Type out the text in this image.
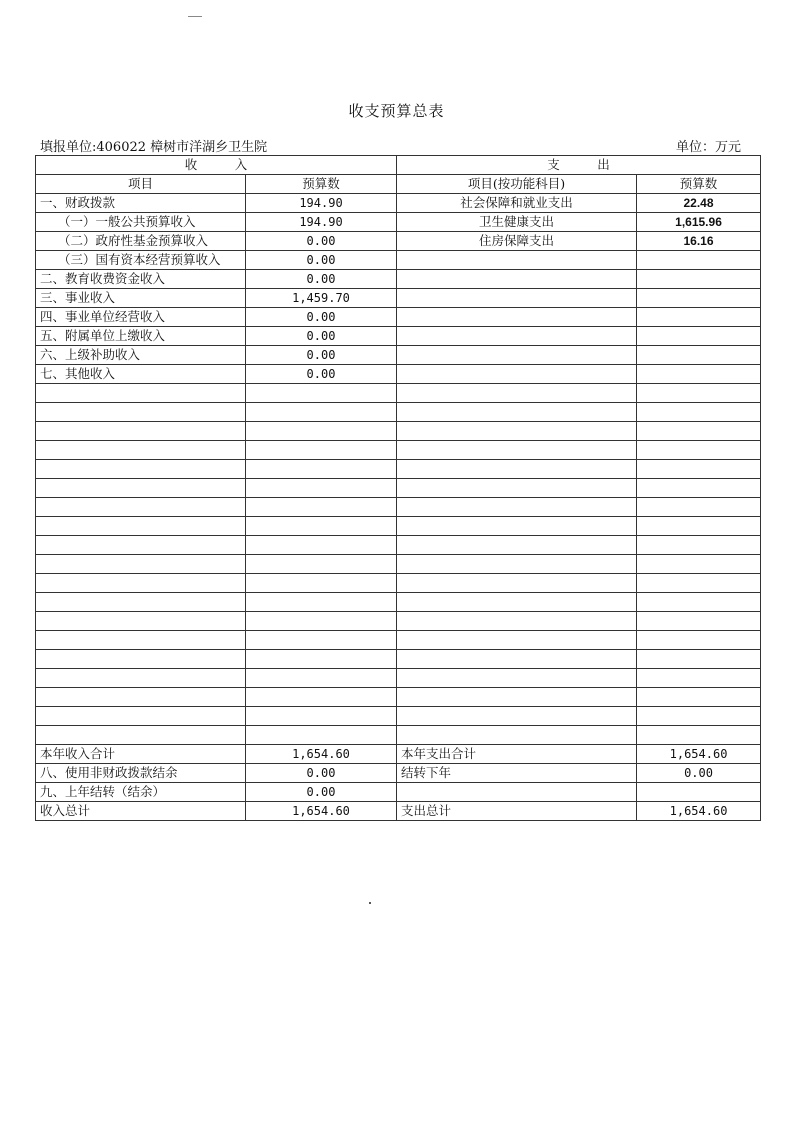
收支预算总表
填报单位:406022 樟树市洋湖乡卫生院	单位：万元
收　　　入		支　　　出	
项目	预算数	项目(按功能科目)	预算数
一、财政拨款	194.90	社会保障和就业支出	22.48
（一）一般公共预算收入	194.90	卫生健康支出	1,615.96
（二）政府性基金预算收入	0.00	住房保障支出	16.16
（三）国有资本经营预算收入	0.00		
二、教育收费资金收入	0.00		
三、事业收入	1,459.70		
四、事业单位经营收入	0.00		
五、附属单位上缴收入	0.00		
六、上级补助收入	0.00		
七、其他收入	0.00		

本年收入合计	1,654.60	本年支出合计	1,654.60
八、使用非财政拨款结余	0.00	结转下年	0.00
九、上年结转（结余）	0.00		
收入总计	1,654.60	支出总计	1,654.60
